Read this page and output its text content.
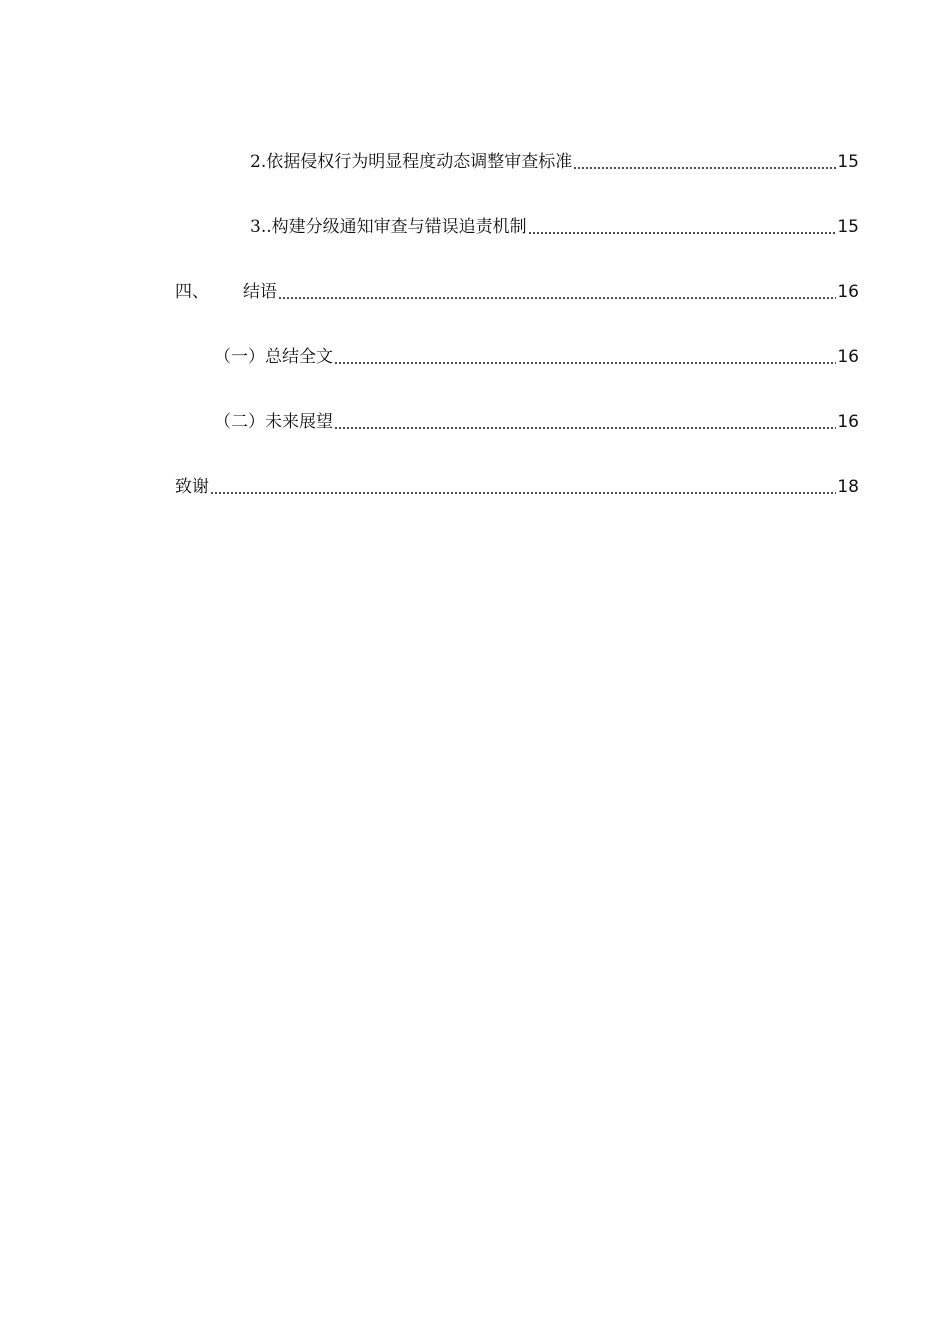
2.依据侵权行为明显程度动态调整审查标准	15
3..构建分级通知审查与错误追责机制	15
四、	结语	16
（一）总结全文	16
（二）未来展望	16
致谢	18
